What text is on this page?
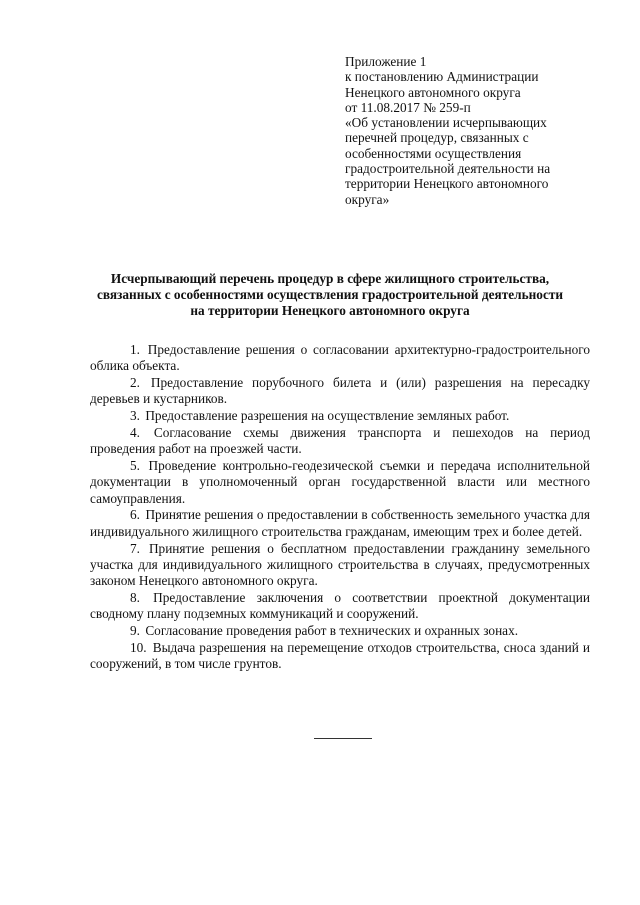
Приложение 1
к постановлению Администрации
Ненецкого автономного округа
от 11.08.2017 № 259-п
«Об установлении исчерпывающих
перечней процедур, связанных с
особенностями осуществления
градостроительной деятельности на
территории Ненецкого автономного
округа»
Исчерпывающий перечень процедур в сфере жилищного строительства,
связанных с особенностями осуществления градостроительной деятельности
на территории Ненецкого автономного округа

1. Предоставление решения о согласовании архитектурно-градостроительного облика объекта.

2. Предоставление порубочного билета и (или) разрешения на пересадку деревьев и кустарников.

3. Предоставление разрешения на осуществление земляных работ.

4. Согласование схемы движения транспорта и пешеходов на период проведения работ на проезжей части.

5. Проведение контрольно-геодезической съемки и передача исполнительной документации в уполномоченный орган государственной власти или местного самоуправления.

6. Принятие решения о предоставлении в собственность земельного участка для индивидуального жилищного строительства гражданам, имеющим трех и более детей.

7. Принятие решения о бесплатном предоставлении гражданину земельного участка для индивидуального жилищного строительства в случаях, предусмотренных законом Ненецкого автономного округа.

8. Предоставление заключения о соответствии проектной документации сводному плану подземных коммуникаций и сооружений.

9. Согласование проведения работ в технических и охранных зонах.

10. Выдача разрешения на перемещение отходов строительства, сноса зданий и сооружений, в том числе грунтов.
